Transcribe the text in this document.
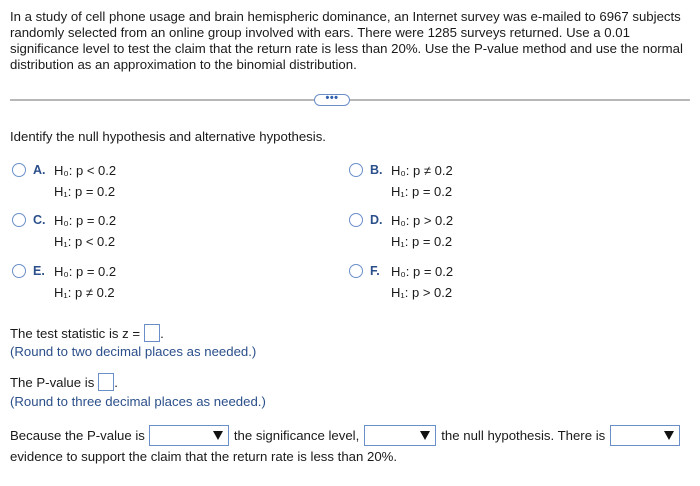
In a study of cell phone usage and brain hemispheric dominance, an Internet survey was e-mailed to 6967 subjects randomly selected from an online group involved with ears. There were 1285 surveys returned. Use a 0.01 significance level to test the claim that the return rate is less than 20%. Use the P-value method and use the normal distribution as an approximation to the binomial distribution.
•••
Identify the null hypothesis and alternative hypothesis.
A. H₀: p < 0.2
H₁: p = 0.2
B. H₀: p ≠ 0.2
H₁: p = 0.2
C. H₀: p = 0.2
H₁: p < 0.2
D. H₀: p > 0.2
H₁: p = 0.2
E. H₀: p = 0.2
H₁: p ≠ 0.2
F. H₀: p = 0.2
H₁: p > 0.2
The test statistic is z = .
(Round to two decimal places as needed.)
The P-value is .
(Round to three decimal places as needed.)
Because the P-value is	the significance level,	the null hypothesis. There is
evidence to support the claim that the return rate is less than 20%.
